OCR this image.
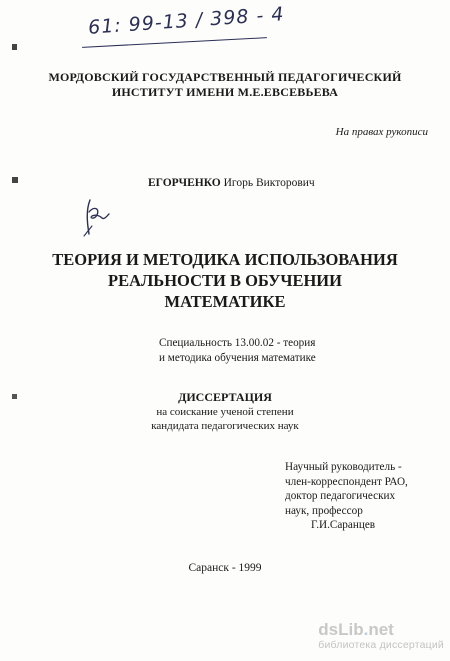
61: 99-13 / 398 - 4
МОРДОВСКИЙ ГОСУДАРСТВЕННЫЙ ПЕДАГОГИЧЕСКИЙ
ИНСТИТУТ ИМЕНИ М.Е.ЕВСЕВЬЕВА
На правах рукописи
ЕГОРЧЕНКО Игорь Викторович
ТЕОРИЯ И МЕТОДИКА ИСПОЛЬЗОВАНИЯ
РЕАЛЬНОСТИ В ОБУЧЕНИИ
МАТЕМАТИКЕ
Специальность 13.00.02 - теория
и методика обучения математике
ДИССЕРТАЦИЯ
на соискание ученой степени
кандидата педагогических наук
Научный руководитель -
член-корреспондент РАО,
доктор педагогических
наук, профессор
Г.И.Саранцев
Саранск - 1999
dsLib.net
библиотека диссертаций
